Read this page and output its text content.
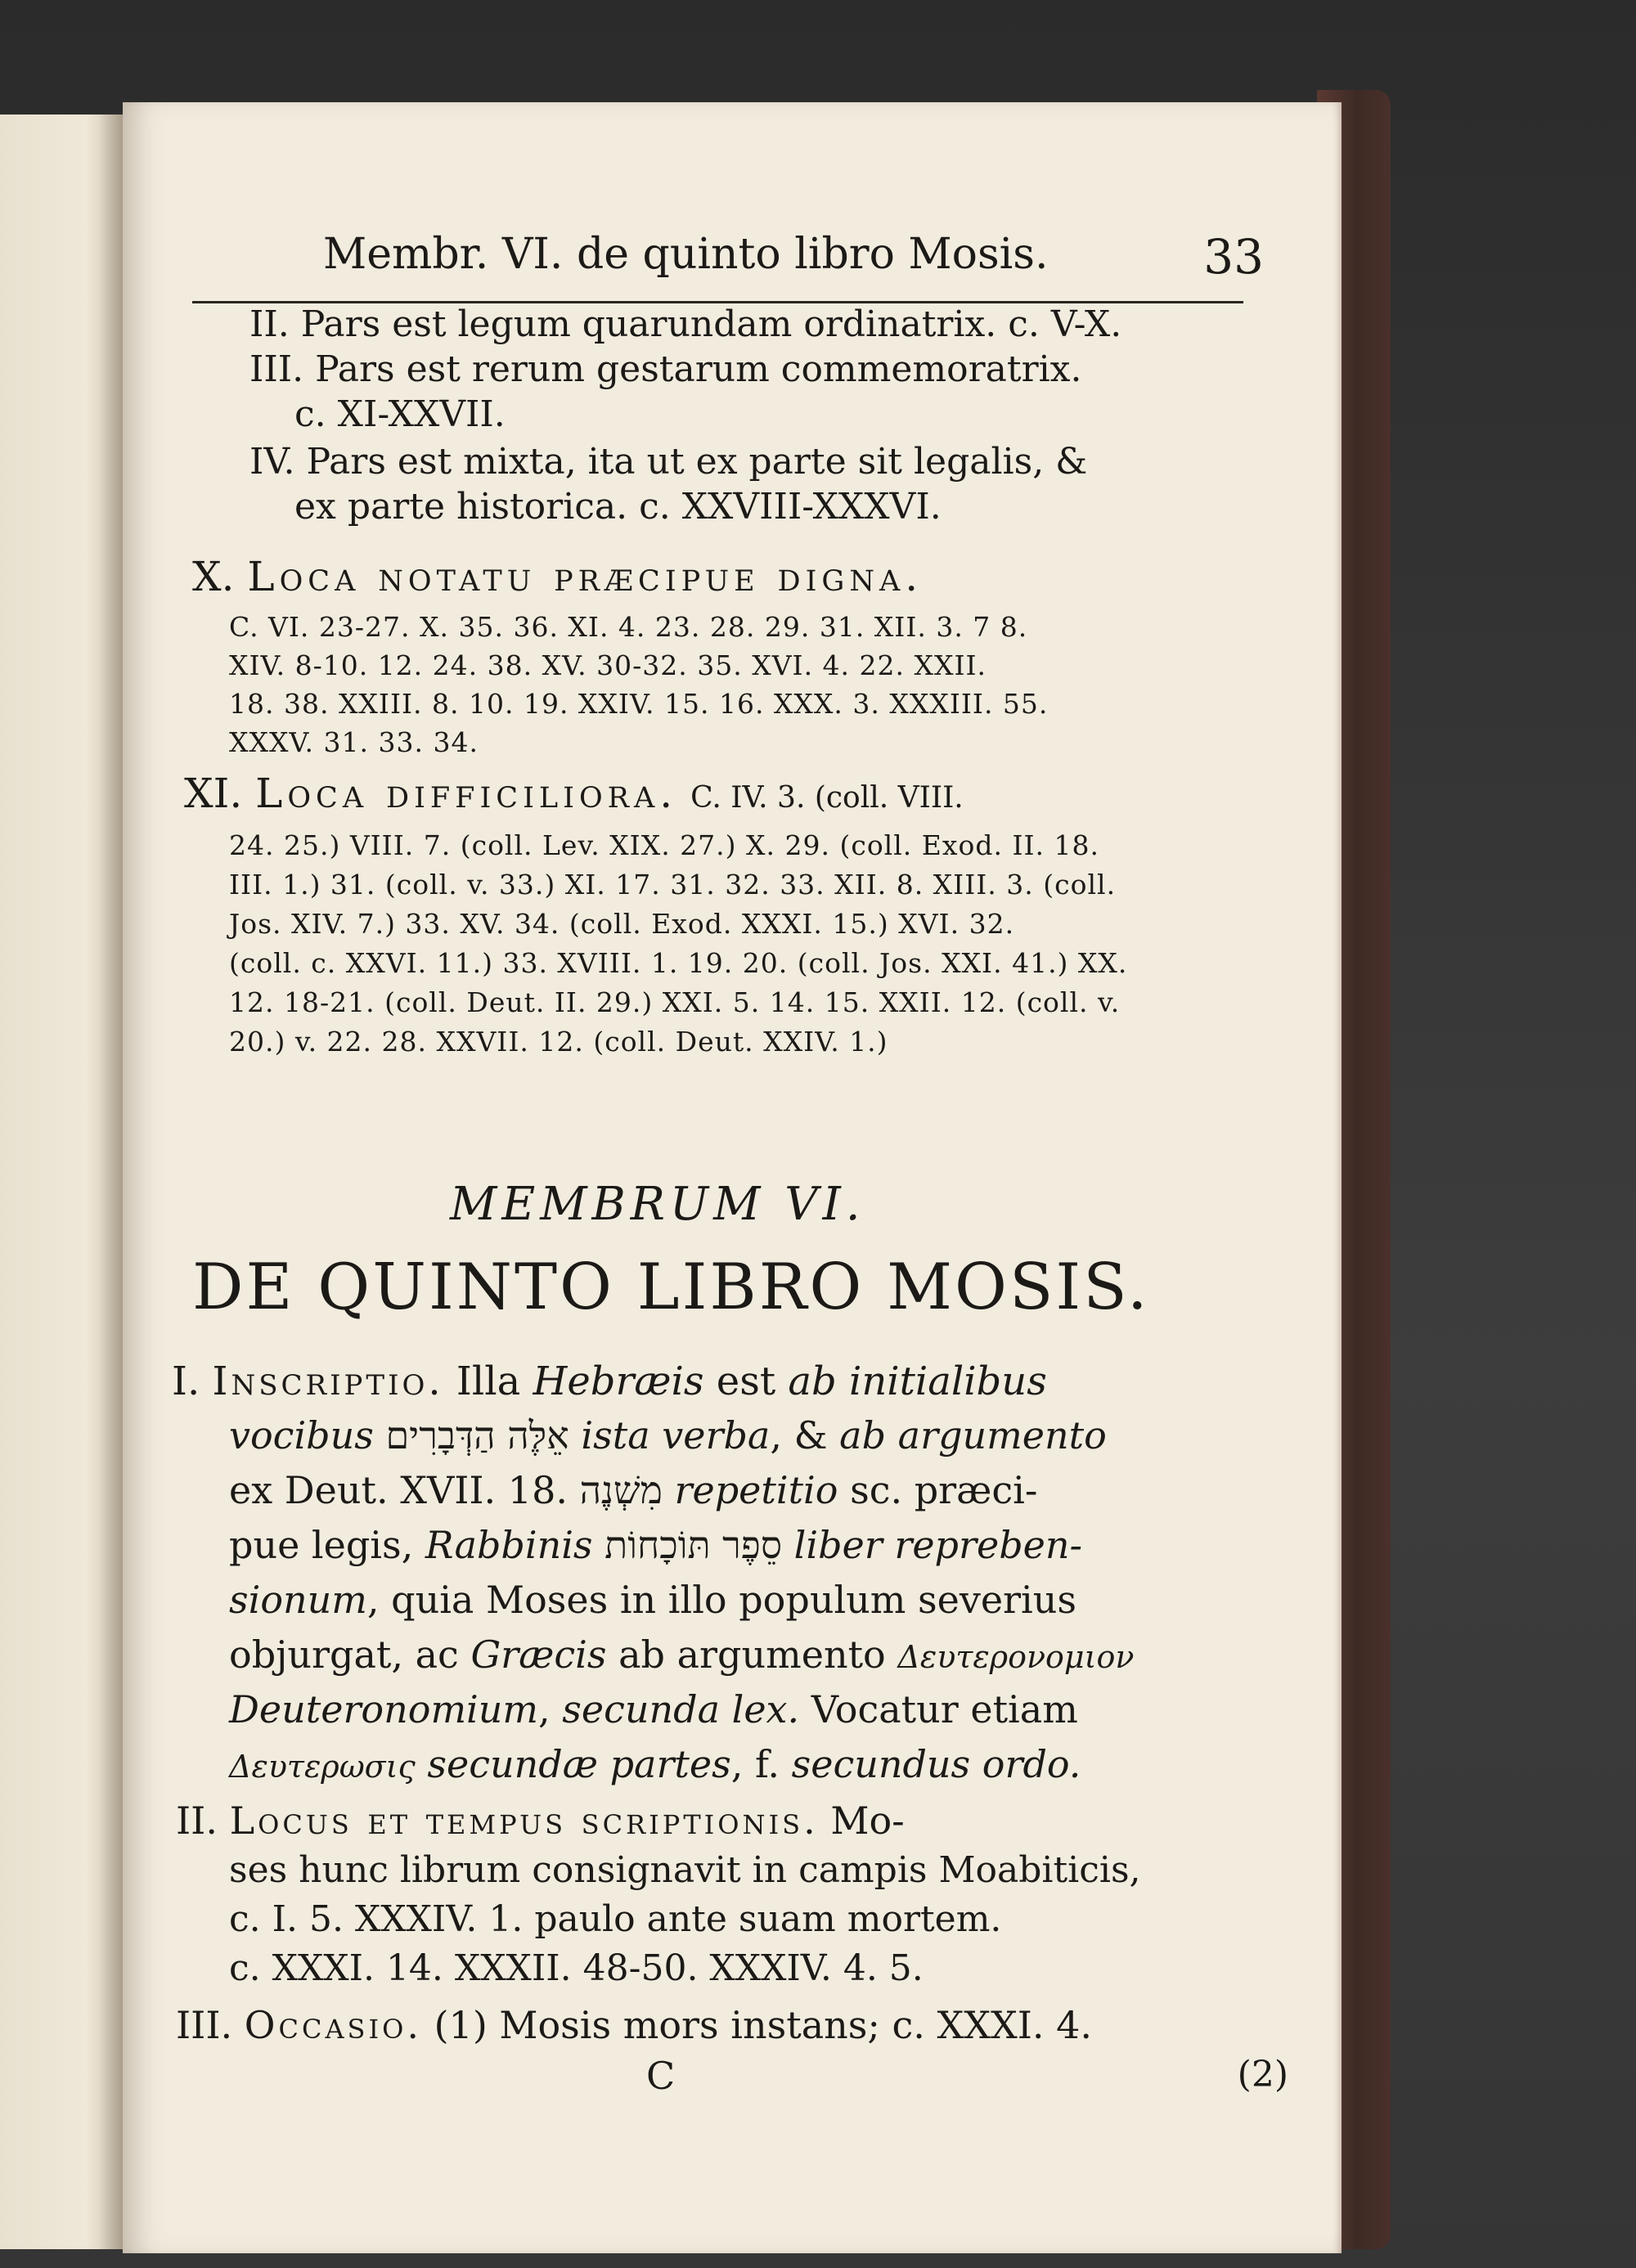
Membr. VI. de quinto libro Mosis.	33
II. Pars est legum quarundam ordinatrix. c. V-X.
III. Pars est rerum gestarum commemoratrix.
c. XI-XXVII.
IV. Pars est mixta, ita ut ex parte sit legalis, &
ex parte historica. c. XXVIII-XXXVI.
X. Loca notatu præcipue digna.
C. VI. 23-27. X. 35. 36. XI. 4. 23. 28. 29. 31. XII. 3. 7 8.
XIV. 8-10. 12. 24. 38. XV. 30-32. 35. XVI. 4. 22. XXII.
18. 38. XXIII. 8. 10. 19. XXIV. 15. 16. XXX. 3. XXXIII. 55.
XXXV. 31. 33. 34.
XI. Loca difficiliora. C. IV. 3. (coll. VIII.
24. 25.) VIII. 7. (coll. Lev. XIX. 27.) X. 29. (coll. Exod. II. 18.
III. 1.) 31. (coll. v. 33.) XI. 17. 31. 32. 33. XII. 8. XIII. 3. (coll.
Jos. XIV. 7.) 33. XV. 34. (coll. Exod. XXXI. 15.) XVI. 32.
(coll. c. XXVI. 11.) 33. XVIII. 1. 19. 20. (coll. Jos. XXI. 41.) XX.
12. 18-21. (coll. Deut. II. 29.) XXI. 5. 14. 15. XXII. 12. (coll. v.
20.) v. 22. 28. XXVII. 12. (coll. Deut. XXIV. 1.)
MEMBRUM VI.
DE QUINTO LIBRO MOSIS.
I. Inscriptio. Illa Hebræis est ab initialibus
vocibus אֵלֶּה הַדְּבָרִים ista verba, & ab argumento
ex Deut. XVII. 18. מִשְׁנֶה repetitio sc. præci-
pue legis, Rabbinis סֵפֶר תּוֹכָחוֹת liber repreben-
sionum, quia Moses in illo populum severius
objurgat, ac Græcis ab argumento Δευτερονομιον
Deuteronomium, secunda lex. Vocatur etiam
Δευτερωσις secundæ partes, f. secundus ordo.
II. Locus et tempus scriptionis. Mo-
ses hunc librum consignavit in campis Moabiticis,
c. I. 5. XXXIV. 1. paulo ante suam mortem.
c. XXXI. 14. XXXII. 48-50. XXXIV. 4. 5.
III. Occasio. (1) Mosis mors instans; c. XXXI. 4.
C	(2)
